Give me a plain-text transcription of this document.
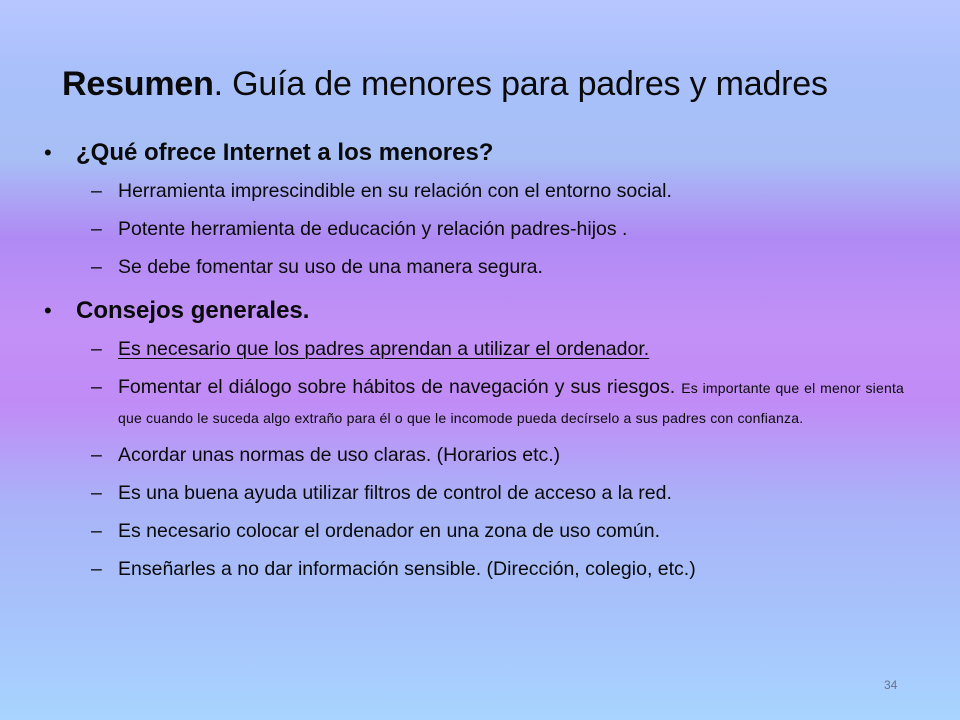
Resumen. Guía de menores para padres y madres

•	¿Qué ofrece Internet a los menores?

– Herramienta imprescindible en su relación con el entorno social.

– Potente herramienta de educación y relación padres-hijos .

– Se debe fomentar su uso de una manera segura.

•	Consejos generales.

– Es necesario que los padres aprendan a utilizar el ordenador.

– Fomentar el diálogo sobre hábitos de navegación y sus riesgos. Es importante que el menor sienta que cuando le suceda algo extraño para él o que le incomode pueda decírselo a sus padres con confianza.

– Acordar unas normas de uso claras. (Horarios etc.)

– Es una buena ayuda utilizar filtros de control de acceso a la red.

– Es necesario colocar el ordenador en una zona de uso común.

– Enseñarles a no dar información sensible. (Dirección, colegio, etc.)

34
